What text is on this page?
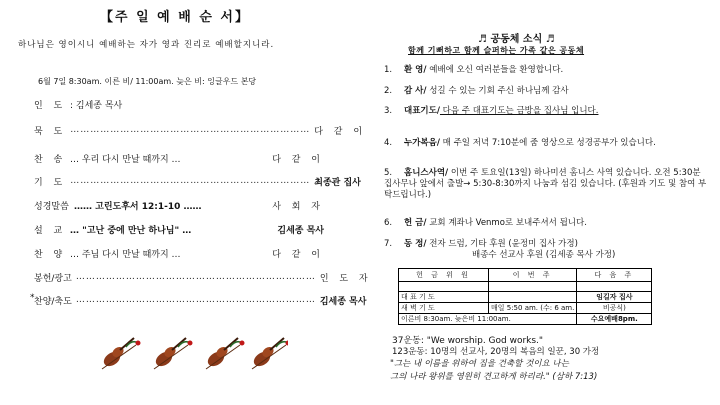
【주 일 예 배 순 서】
하나님은 영이시니 예배하는 자가 영과 진리로 예배할지니라.
6월 7일 8:30am. 이른 비/ 11:00am. 늦은 비: 잉글우드 본당
인 도 : 김세종 목사
묵 도 ……………………………………………………………… 다 같 이
찬 송 … 우리 다시 만날 때까지 …	다 같 이
기 도 ……………………………………………………………… 최종관 집사
성경말씀 …… 고린도후서 12:1-10 ……	사 회 자
설 교 … "고난 중에 만난 하나님" …	김세종 목사
찬 양 … 주님 다시 만날 때까지 …	다 같 이
봉헌/광고 ……………………………………………………………… 인 도 자
* 찬양/축도 ……………………………………………………………… 김세종 목사
♬ 공동체 소식 ♬
함께 기뻐하고 함께 슬퍼하는 가족 같은 공동체
1. 환 영/ 예배에 오신 여러분들을 환영합니다.
2. 감 사/ 성길 수 있는 기회 주신 하나님께 감사
3. 대표기도/ 다음 주 대표기도는 금방을 집사님 입니다.
4. 누가복음/ 매 주일 저녁 7:10분에 줌 영상으로 성경공부가 있습니다.
5. 홈니스사역/ 이번 주 토요일(13일) 하나미션 홈니스 사역 있습니다. 오전 5:30분 집사무나 앞에서 출발→ 5:30-8:30까지 나눔과 섬김 있습니다. (후원과 기도 및 참여 부탁드립니다.)
6. 헌 금/ 교회 계좌나 Venmo로 보내주셔서 됩니다.
7. 동 정/ 전자 드럼, 기타 후원 (윤정미 집사 가정)
배종수 선교사 후원 (김세종 목사 가정)
헌 금 위 원	이 번 주	다 음 주

대 표 기 도		임길자 집사
새 벽 기 도	매일 5:50 am. (수: 6 am.	비공식)
이른비 8:30am. 늦은비 11:00am.		수요예배8pm.
37운동: "We worship. God works."
123운동: 10명의 선교사, 20명의 복음의 일꾼, 30 가정
"그는 내 이름을 위하여 집을 건축할 것이요 나는
그의 나라 왕위를 영원히 견고하게 하리라." (삼하 7:13)
